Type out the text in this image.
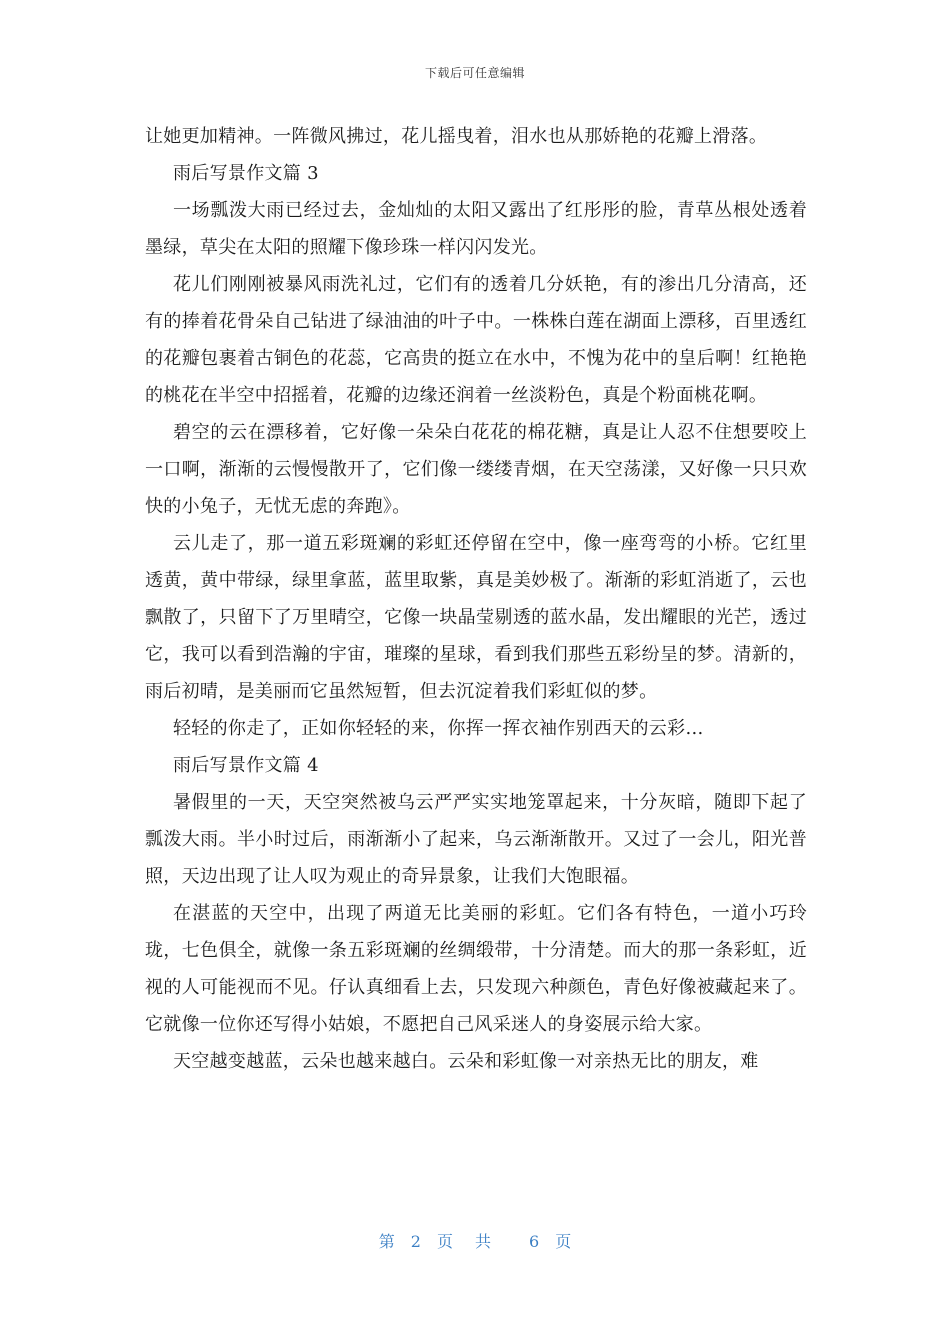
下载后可任意编辑

让她更加精神。一阵微风拂过，花儿摇曳着，泪水也从那娇艳的花瓣上滑落。

雨后写景作文篇 3

一场瓢泼大雨已经过去，金灿灿的太阳又露出了红彤彤的脸，青草丛根处透着墨绿，草尖在太阳的照耀下像珍珠一样闪闪发光。

花儿们刚刚被暴风雨洗礼过，它们有的透着几分妖艳，有的渗出几分清高，还有的捧着花骨朵自己钻进了绿油油的叶子中。一株株白莲在湖面上漂移，百里透红的花瓣包裹着古铜色的花蕊，它高贵的挺立在水中，不愧为花中的皇后啊！红艳艳的桃花在半空中招摇着，花瓣的边缘还润着一丝淡粉色，真是个粉面桃花啊。

碧空的云在漂移着，它好像一朵朵白花花的棉花糖，真是让人忍不住想要咬上一口啊，渐渐的云慢慢散开了，它们像一缕缕青烟，在天空荡漾，又好像一只只欢快的小兔子，无忧无虑的奔跑》。

云儿走了，那一道五彩斑斓的彩虹还停留在空中，像一座弯弯的小桥。它红里透黄，黄中带绿，绿里拿蓝，蓝里取紫，真是美妙极了。渐渐的彩虹消逝了，云也飘散了，只留下了万里晴空，它像一块晶莹剔透的蓝水晶，发出耀眼的光芒，透过它，我可以看到浩瀚的宇宙，璀璨的星球，看到我们那些五彩纷呈的梦。清新的，雨后初晴，是美丽而它虽然短暂，但去沉淀着我们彩虹似的梦。

轻轻的你走了，正如你轻轻的来，你挥一挥衣袖作别西天的云彩…

雨后写景作文篇 4

暑假里的一天，天空突然被乌云严严实实地笼罩起来，十分灰暗，随即下起了瓢泼大雨。半小时过后，雨渐渐小了起来，乌云渐渐散开。又过了一会儿，阳光普照，天边出现了让人叹为观止的奇异景象，让我们大饱眼福。

在湛蓝的天空中，出现了两道无比美丽的彩虹。它们各有特色，一道小巧玲珑，七色俱全，就像一条五彩斑斓的丝绸缎带，十分清楚。而大的那一条彩虹，近视的人可能视而不见。仔认真细看上去，只发现六种颜色，青色好像被藏起来了。它就像一位你还写得小姑娘，不愿把自己风采迷人的身姿展示给大家。

天空越变越蓝，云朵也越来越白。云朵和彩虹像一对亲热无比的朋友，难

第 2 页共 6 页
